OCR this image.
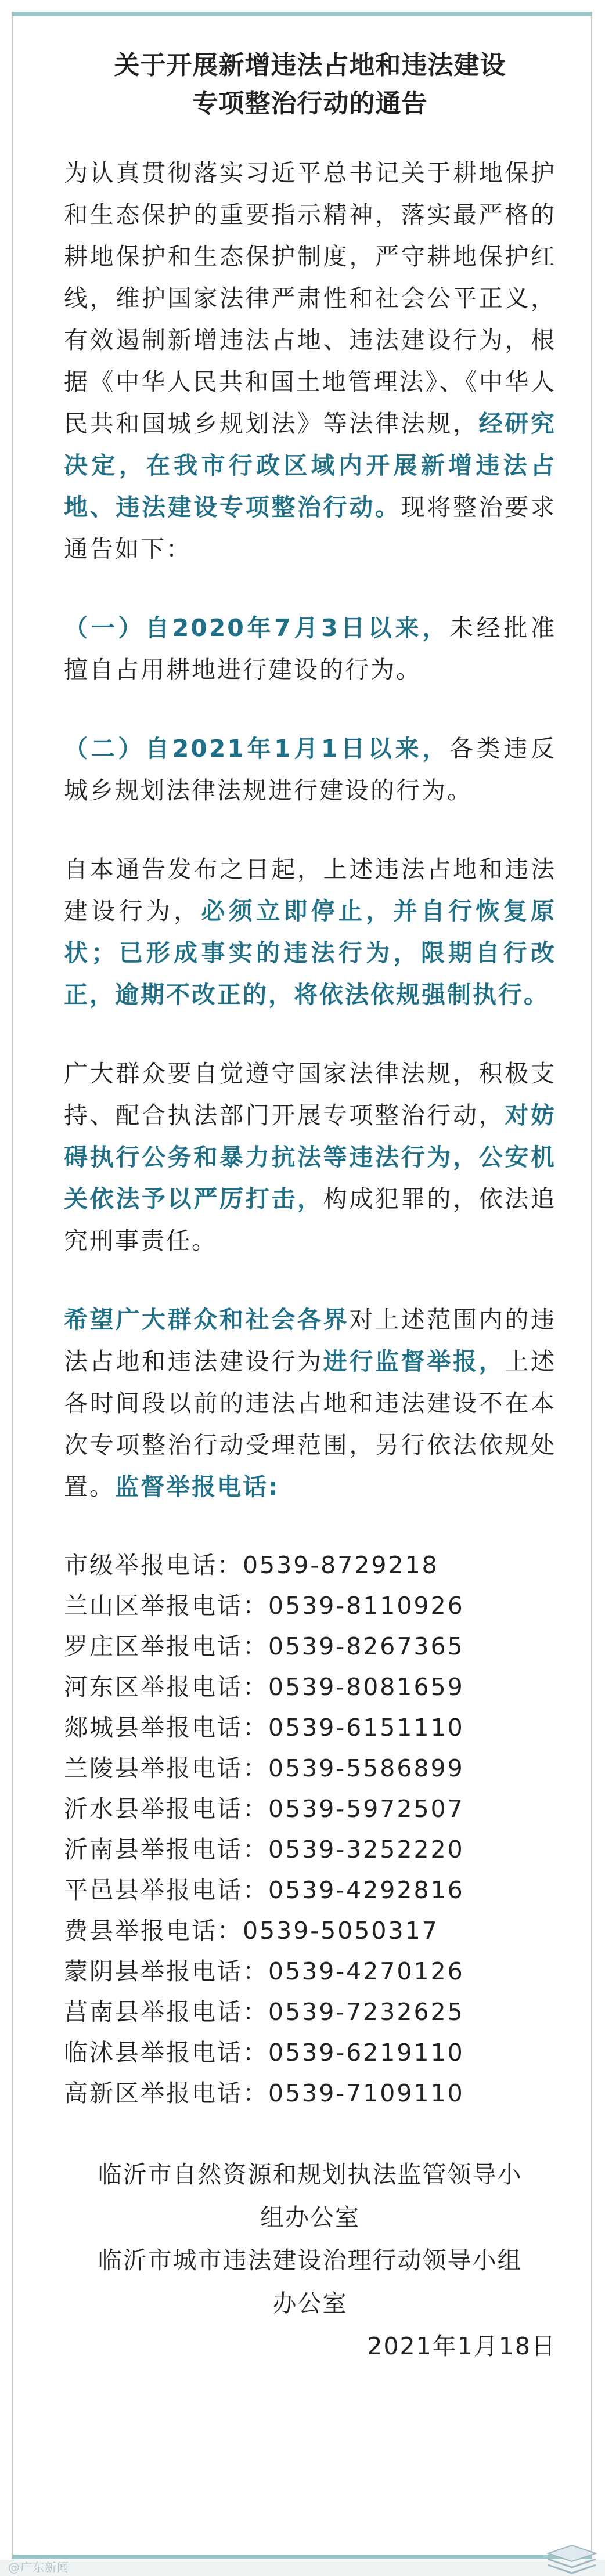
关于开展新增违法占地和违法建设
专项整治行动的通告

为认真贯彻落实习近平总书记关于耕地保护和生态保护的重要指示精神，落实最严格的耕地保护和生态保护制度，严守耕地保护红线，维护国家法律严肃性和社会公平正义，有效遏制新增违法占地、违法建设行为，根据《中华人民共和国土地管理法》、《中华人民共和国城乡规划法》等法律法规，经研究决定，在我市行政区域内开展新增违法占地、违法建设专项整治行动。现将整治要求通告如下：

（一）自2020年7月3日以来，未经批准擅自占用耕地进行建设的行为。

（二）自2021年1月1日以来，各类违反城乡规划法律法规进行建设的行为。

自本通告发布之日起，上述违法占地和违法建设行为，必须立即停止，并自行恢复原状；已形成事实的违法行为，限期自行改正，逾期不改正的，将依法依规强制执行。

广大群众要自觉遵守国家法律法规，积极支持、配合执法部门开展专项整治行动，对妨碍执行公务和暴力抗法等违法行为，公安机关依法予以严厉打击，构成犯罪的，依法追究刑事责任。

希望广大群众和社会各界对上述范围内的违法占地和违法建设行为进行监督举报，上述各时间段以前的违法占地和违法建设不在本次专项整治行动受理范围，另行依法依规处置。监督举报电话:

市级举报电话：0539-8729218
兰山区举报电话：0539-8110926
罗庄区举报电话：0539-8267365
河东区举报电话：0539-8081659
郯城县举报电话：0539-6151110
兰陵县举报电话：0539-5586899
沂水县举报电话：0539-5972507
沂南县举报电话：0539-3252220
平邑县举报电话：0539-4292816
费县举报电话：0539-5050317
蒙阴县举报电话：0539-4270126
莒南县举报电话：0539-7232625
临沭县举报电话：0539-6219110
高新区举报电话：0539-7109110
临沂市自然资源和规划执法监管领导小
组办公室
临沂市城市违法建设治理行动领导小组
办公室
2021年1月18日
@广东新闻
